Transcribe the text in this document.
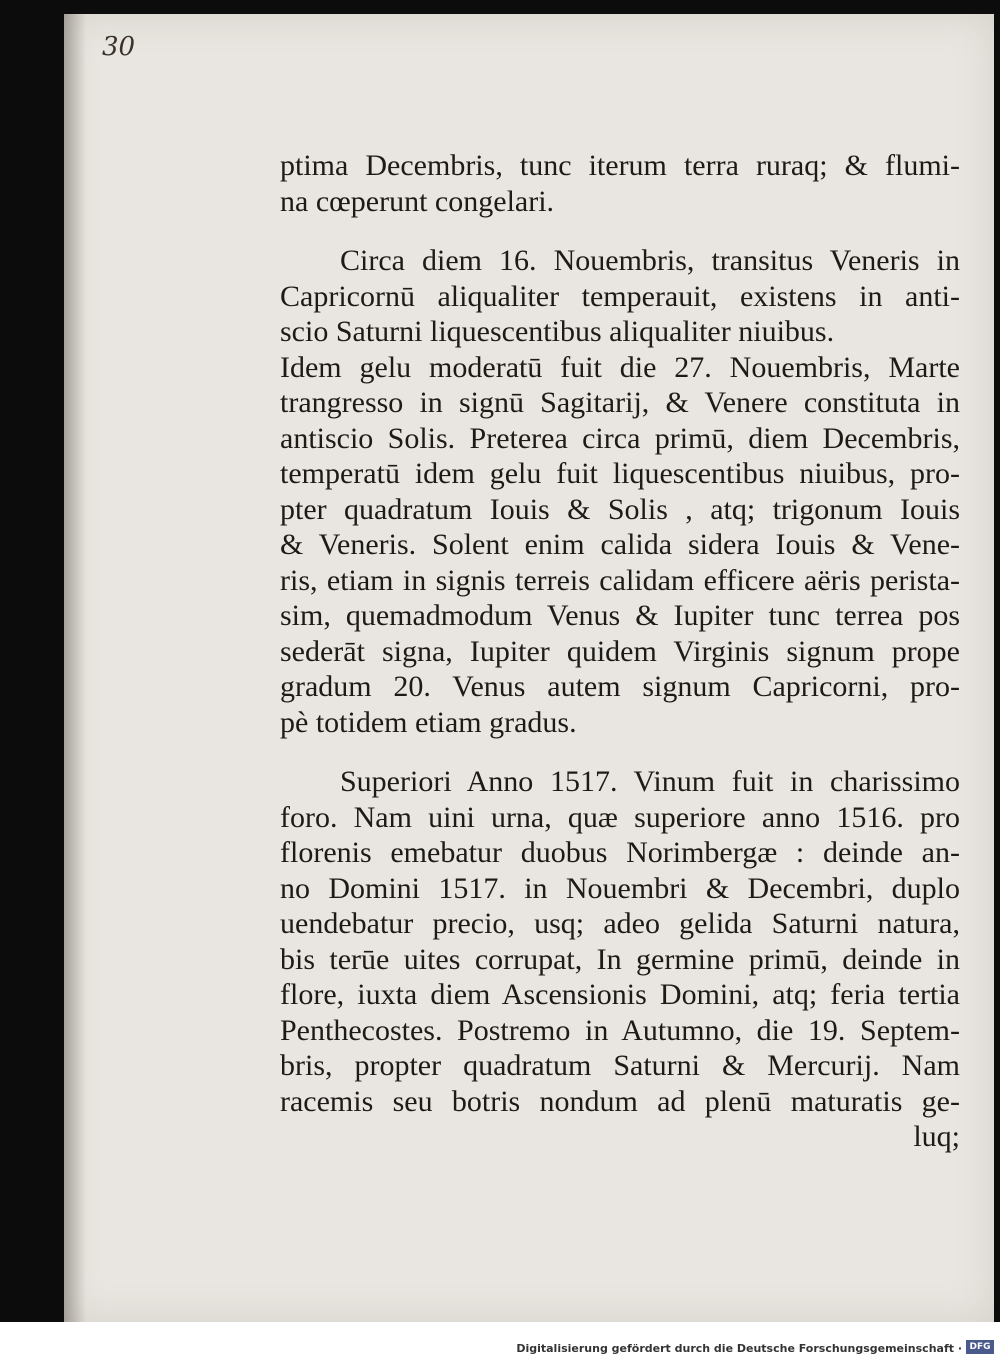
30
ptima Decembris, tunc iterum terra ruraq; & flumi-
na cœperunt congelari.
Circa diem 16. Nouembris, transitus Veneris in
Capricornū aliqualiter temperauit, existens in anti-
scio Saturni liquescentibus aliqualiter niuibus.
Idem gelu moderatū fuit die 27. Nouembris, Marte
trangresso in signū Sagitarij, & Venere constituta in
antiscio Solis. Preterea circa primū, diem Decembris,
temperatū idem gelu fuit liquescentibus niuibus, pro-
pter quadratum Iouis & Solis , atq; trigonum Iouis
& Veneris. Solent enim calida sidera Iouis & Vene-
ris, etiam in signis terreis calidam efficere aëris perista-
sim, quemadmodum Venus & Iupiter tunc terrea pos
sederāt signa, Iupiter quidem Virginis signum prope
gradum 20. Venus autem signum Capricorni, pro-
pè totidem etiam gradus.
Superiori Anno 1517. Vinum fuit in charissimo
foro. Nam uini urna, quæ superiore anno 1516. pro
florenis emebatur duobus Norimbergæ : deinde an-
no Domini 1517. in Nouembri & Decembri, duplo
uendebatur precio, usq; adeo gelida Saturni natura,
bis terūe uites corrupat, In germine primū, deinde in
flore, iuxta diem Ascensionis Domini, atq; feria tertia
Penthecostes. Postremo in Autumno, die 19. Septem-
bris, propter quadratum Saturni & Mercurij. Nam
racemis seu botris nondum ad plenū maturatis ge-
luq;
Digitalisierung gefördert durch die Deutsche Forschungsgemeinschaft · DFG
